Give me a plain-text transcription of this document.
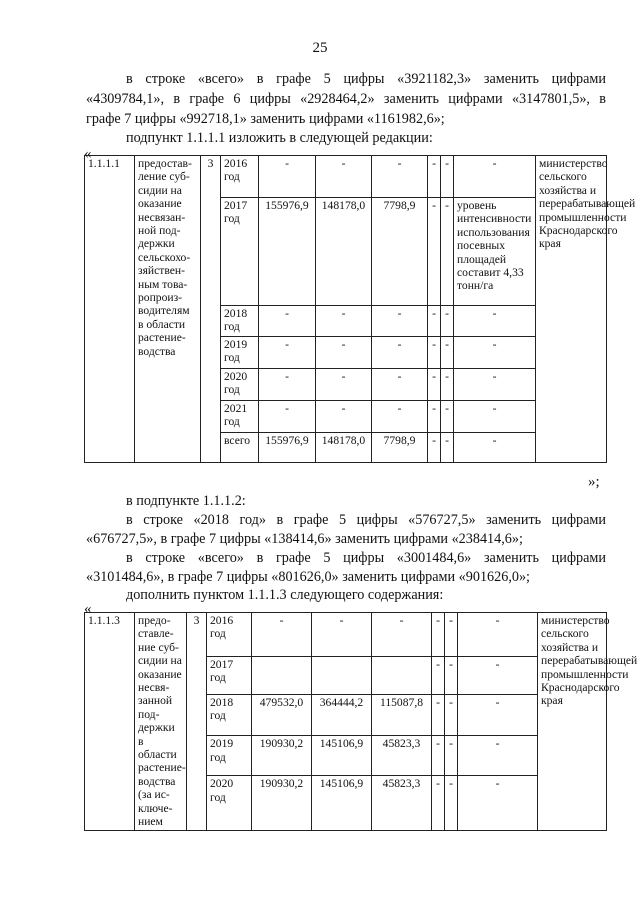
25
в строке «всего» в графе 5 цифры «3921182,3» заменить цифрами
«4309784,1», в графе 6 цифры «2928464,2» заменить цифрами «3147801,5», в
графе 7 цифры «992718,1» заменить цифрами «1161982,6»;
подпункт 1.1.1.1 изложить в следующей редакции:
«
1.1.1.1	предостав-ление суб-сидии на оказание несвязан-ной под-держки сельскохо-зяйствен-ным това-ропроиз-водителям в области растение-водства	3	2016 год	-	-	-	-	-	-	министерство сельского хозяйства и перерабатывающей промышленности Краснодарского края
			2017 год	155976,9	148178,0	7798,9	-	-	уровень интенсивности использования посевных площадей составит 4,33 тонн/га	
			2018 год	-	-	-	-	-	-	
			2019 год	-	-	-	-	-	-	
			2020 год	-	-	-	-	-	-	
			2021 год	-	-	-	-	-	-	
			всего	155976,9	148178,0	7798,9	-	-	-	
»;
в подпункте 1.1.1.2:
в строке «2018 год» в графе 5 цифры «576727,5» заменить цифрами
«676727,5», в графе 7 цифры «138414,6» заменить цифрами «238414,6»;
в строке «всего» в графе 5 цифры «3001484,6» заменить цифрами
«3101484,6», в графе 7 цифры «801626,0» заменить цифрами «901626,0»;
дополнить пунктом 1.1.1.3 следующего содержания:
«
1.1.1.3	предо-ставле-ние суб-сидии на оказание несвя-занной под-держки в области растение-водства (за ис-ключе-нием	3	2016 год	-	-	-	-	-	-	министерство сельского хозяйства и перерабатывающей промышленности Краснодарского края
			2017 год				-	-	-	
			2018 год	479532,0	364444,2	115087,8	-	-	-	
			2019 год	190930,2	145106,9	45823,3	-	-	-	
			2020 год	190930,2	145106,9	45823,3	-	-	-	
